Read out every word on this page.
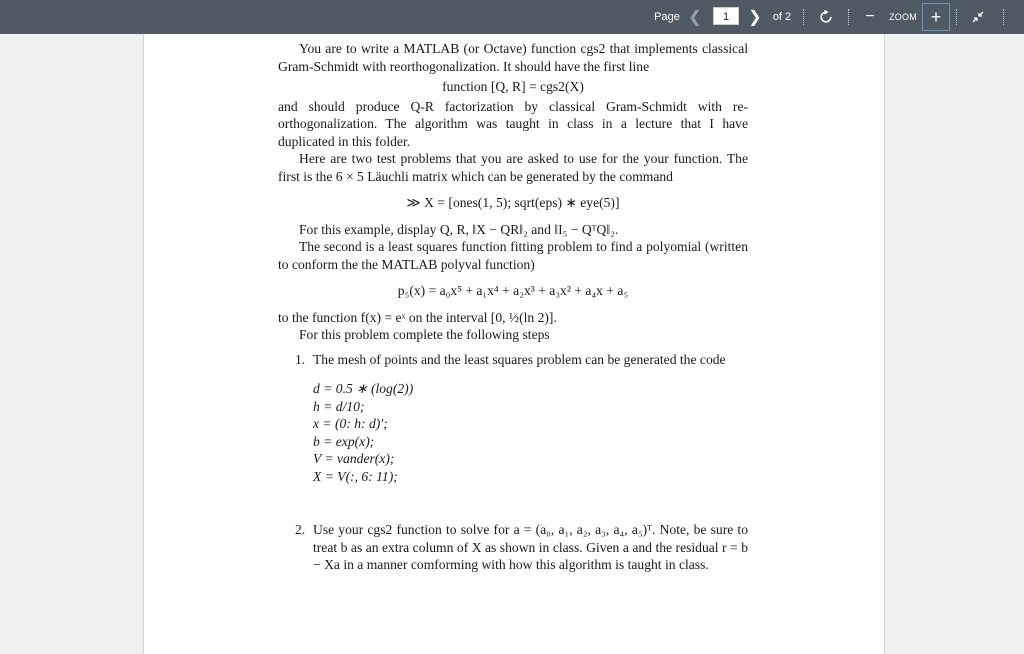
Page ❮	1	❯	of 2	−	ZOOM +

You are to write a MATLAB (or Octave) function cgs2 that implements classical Gram-Schmidt with reorthogonalization. It should have the first line

function [Q, R] = cgs2(X)

and should produce Q-R factorization by classical Gram-Schmidt with re-orthogonalization. The algorithm was taught in class in a lecture that I have duplicated in this folder.

Here are two test problems that you are asked to use for the your function. The first is the 6 × 5 Läuchli matrix which can be generated by the command

≫ X = [ones(1, 5); sqrt(eps) ∗ eye(5)]

For this example, display Q, R, ‖X − QR‖₂ and ‖I₅ − QᵀQ‖₂.

The second is a least squares function fitting problem to find a polyomial (written to conform the the MATLAB polyval function)

p₅(x) = a₀x⁵ + a₁x⁴ + a₂x³ + a₃x² + a₄x + a₅

to the function f(x) = eˣ on the interval [0, ½(ln 2)].

For this problem complete the following steps

1. The mesh of points and the least squares problem can be generated the code
d = 0.5 ∗ (log(2))
h = d/10;
x = (0: h: d)′;
b = exp(x);
V = vander(x);
X = V(:, 6: 11);
2. Use your cgs2 function to solve for a = (a₀, a₁, a₂, a₃, a₄, a₅)ᵀ. Note, be sure to treat b as an extra column of X as shown in class. Given a and the residual r = b − Xa in a manner comforming with how this algorithm is taught in class.
